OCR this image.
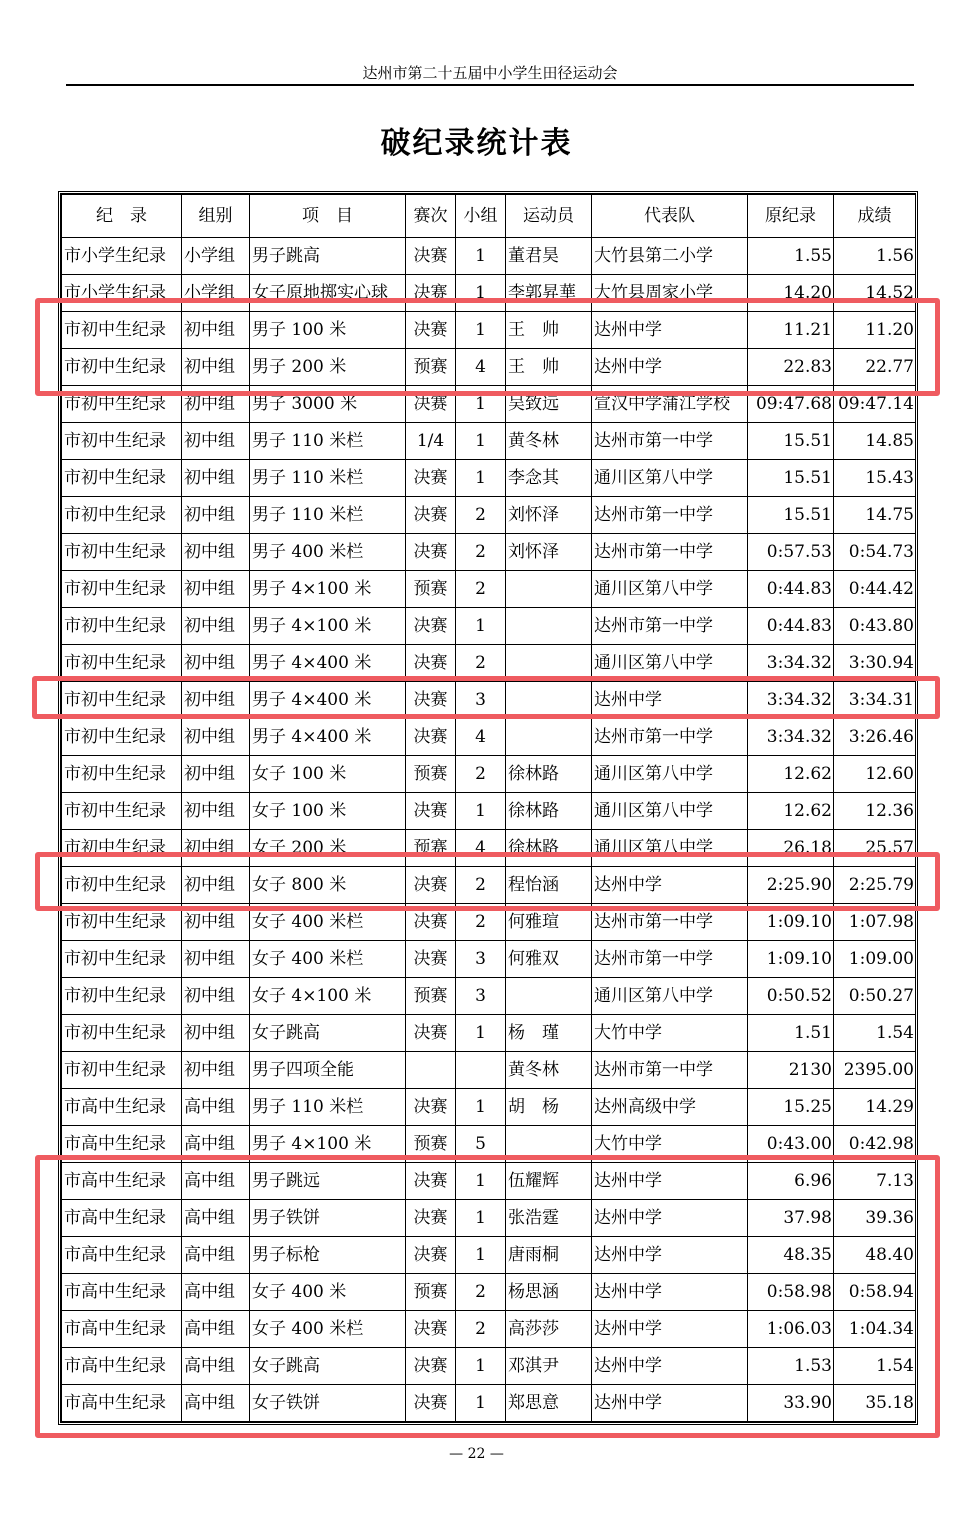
达州市第二十五届中小学生田径运动会
破纪录统计表
纪　录	组别	项　目	赛次	小组	运动员	代表队	原纪录	成绩
市小学生纪录	小学组	男子跳高	决赛	1	董君昊	大竹县第二小学	1.55	1.56
市小学生纪录	小学组	女子原地掷实心球	决赛	1	李郭昇華	大竹县周家小学	14.20	14.52
市初中生纪录	初中组	男子 100 米	决赛	1	王　帅	达州中学	11.21	11.20
市初中生纪录	初中组	男子 200 米	预赛	4	王　帅	达州中学	22.83	22.77
市初中生纪录	初中组	男子 3000 米	决赛	1	吴致远	宣汉中学蒲江学校	09:47.68	09:47.14
市初中生纪录	初中组	男子 110 米栏	1/4	1	黄冬林	达州市第一中学	15.51	14.85
市初中生纪录	初中组	男子 110 米栏	决赛	1	李念其	通川区第八中学	15.51	15.43
市初中生纪录	初中组	男子 110 米栏	决赛	2	刘怀泽	达州市第一中学	15.51	14.75
市初中生纪录	初中组	男子 400 米栏	决赛	2	刘怀泽	达州市第一中学	0:57.53	0:54.73
市初中生纪录	初中组	男子 4×100 米	预赛	2		通川区第八中学	0:44.83	0:44.42
市初中生纪录	初中组	男子 4×100 米	决赛	1		达州市第一中学	0:44.83	0:43.80
市初中生纪录	初中组	男子 4×400 米	决赛	2		通川区第八中学	3:34.32	3:30.94
市初中生纪录	初中组	男子 4×400 米	决赛	3		达州中学	3:34.32	3:34.31
市初中生纪录	初中组	男子 4×400 米	决赛	4		达州市第一中学	3:34.32	3:26.46
市初中生纪录	初中组	女子 100 米	预赛	2	徐林路	通川区第八中学	12.62	12.60
市初中生纪录	初中组	女子 100 米	决赛	1	徐林路	通川区第八中学	12.62	12.36
市初中生纪录	初中组	女子 200 米	预赛	4	徐林路	通川区第八中学	26.18	25.57
市初中生纪录	初中组	女子 800 米	决赛	2	程怡涵	达州中学	2:25.90	2:25.79
市初中生纪录	初中组	女子 400 米栏	决赛	2	何雅瑄	达州市第一中学	1:09.10	1:07.98
市初中生纪录	初中组	女子 400 米栏	决赛	3	何雅双	达州市第一中学	1:09.10	1:09.00
市初中生纪录	初中组	女子 4×100 米	预赛	3		通川区第八中学	0:50.52	0:50.27
市初中生纪录	初中组	女子跳高	决赛	1	杨　瑾	大竹中学	1.51	1.54
市初中生纪录	初中组	男子四项全能			黄冬林	达州市第一中学	2130	2395.00
市高中生纪录	高中组	男子 110 米栏	决赛	1	胡　杨	达州高级中学	15.25	14.29
市高中生纪录	高中组	男子 4×100 米	预赛	5		大竹中学	0:43.00	0:42.98
市高中生纪录	高中组	男子跳远	决赛	1	伍耀辉	达州中学	6.96	7.13
市高中生纪录	高中组	男子铁饼	决赛	1	张浩霆	达州中学	37.98	39.36
市高中生纪录	高中组	男子标枪	决赛	1	唐雨桐	达州中学	48.35	48.40
市高中生纪录	高中组	女子 400 米	预赛	2	杨思涵	达州中学	0:58.98	0:58.94
市高中生纪录	高中组	女子 400 米栏	决赛	2	高莎莎	达州中学	1:06.03	1:04.34
市高中生纪录	高中组	女子跳高	决赛	1	邓淇尹	达州中学	1.53	1.54
市高中生纪录	高中组	女子铁饼	决赛	1	郑思意	达州中学	33.90	35.18
— 22 —
